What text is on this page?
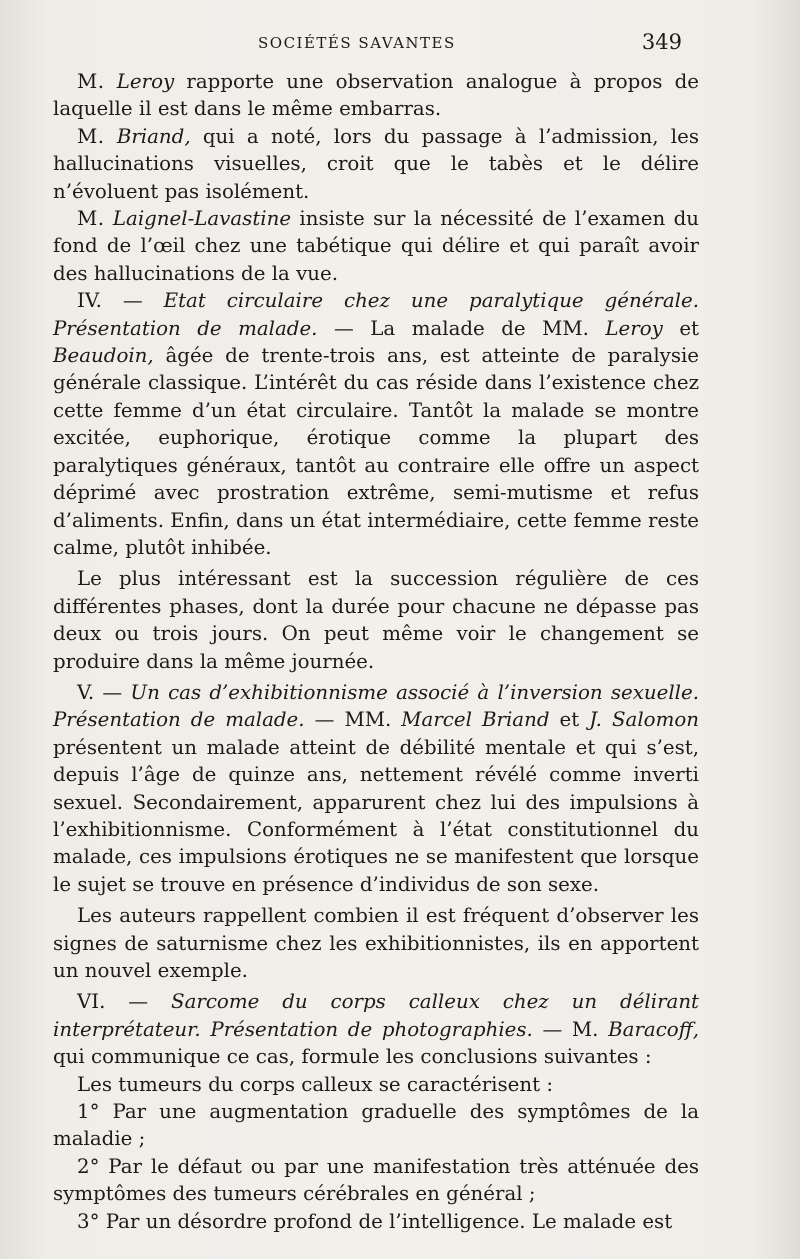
SOCIÉTÉS SAVANTES	349

M. Leroy rapporte une observation analogue à propos de laquelle il est dans le même embarras.

M. Briand, qui a noté, lors du passage à l’admission, les hallucinations visuelles, croit que le tabès et le délire n’évoluent pas isolément.

M. Laignel-Lavastine insiste sur la nécessité de l’examen du fond de l’œil chez une tabétique qui délire et qui paraît avoir des hallucinations de la vue.

IV. — Etat circulaire chez une paralytique générale. Présentation de malade. — La malade de MM. Leroy et Beaudoin, âgée de trente-trois ans, est atteinte de paralysie générale classique. L’intérêt du cas réside dans l’existence chez cette femme d’un état circulaire. Tantôt la malade se montre excitée, euphorique, érotique comme la plupart des paralytiques généraux, tantôt au contraire elle offre un aspect déprimé avec prostration extrême, semi-mutisme et refus d’aliments. Enfin, dans un état intermédiaire, cette femme reste calme, plutôt inhibée.

Le plus intéressant est la succession régulière de ces différentes phases, dont la durée pour chacune ne dépasse pas deux ou trois jours. On peut même voir le changement se produire dans la même journée.

V. — Un cas d’exhibitionnisme associé à l’inversion sexuelle. Présentation de malade. — MM. Marcel Briand et J. Salomon présentent un malade atteint de débilité mentale et qui s’est, depuis l’âge de quinze ans, nettement révélé comme inverti sexuel. Secondairement, apparurent chez lui des impulsions à l’exhibitionnisme. Conformément à l’état constitutionnel du malade, ces impulsions érotiques ne se manifestent que lorsque le sujet se trouve en présence d’individus de son sexe.

Les auteurs rappellent combien il est fréquent d’observer les signes de saturnisme chez les exhibitionnistes, ils en apportent un nouvel exemple.

VI. — Sarcome du corps calleux chez un délirant interprétateur. Présentation de photographies. — M. Baracoff, qui communique ce cas, formule les conclusions suivantes :

Les tumeurs du corps calleux se caractérisent :

1° Par une augmentation graduelle des symptômes de la maladie ;

2° Par le défaut ou par une manifestation très atténuée des symptômes des tumeurs cérébrales en général ;

3° Par un désordre profond de l’intelligence. Le malade est
